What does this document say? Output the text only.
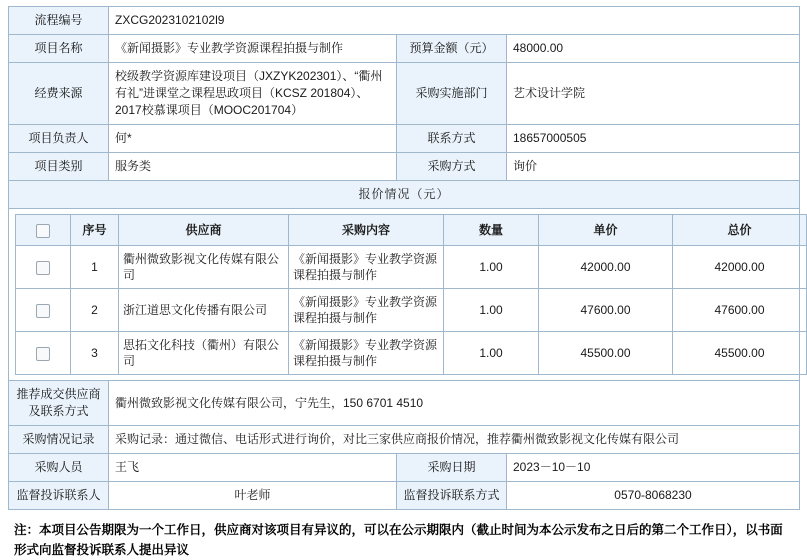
流程编号	ZXCG2023102102l9
项目名称	《新闻摄影》专业教学资源课程拍摄与制作	预算金额（元）	48000.00
经费来源	校级教学资源库建设项目（JXZYK202301）、“衢州有礼”进课堂之课程思政项目（KCSZ 201804）、2017校慕课项目（MOOC201704）	采购实施部门	艺术设计学院
项目负责人	何*	联系方式	18657000505
项目类别	服务类	采购方式	询价
报价情况（元）

	序号	供应商	采购内容	数量	单价	总价
	1	衢州微致影视文化传媒有限公司	《新闻摄影》专业教学资源课程拍摄与制作	1.00	42000.00	42000.00
	2	浙江道思文化传播有限公司	《新闻摄影》专业教学资源课程拍摄与制作	1.00	47600.00	47600.00
	3	思拓文化科技（衢州）有限公司	《新闻摄影》专业教学资源课程拍摄与制作	1.00	45500.00	45500.00

推荐成交供应商及联系方式	衢州微致影视文化传媒有限公司，宁先生，150 6701 4510
采购情况记录	采购记录：通过微信、电话形式进行询价，对比三家供应商报价情况，推荐衢州微致影视文化传媒有限公司
采购人员	王飞	采购日期	2023－10－10
监督投诉联系人	叶老师	监督投诉联系方式	0570-8068230
注：本项目公告期限为一个工作日，供应商对该项目有异议的，可以在公示期限内（截止时间为本公示发布之日后的第二个工作日），以书面形式向监督投诉联系人提出异议
